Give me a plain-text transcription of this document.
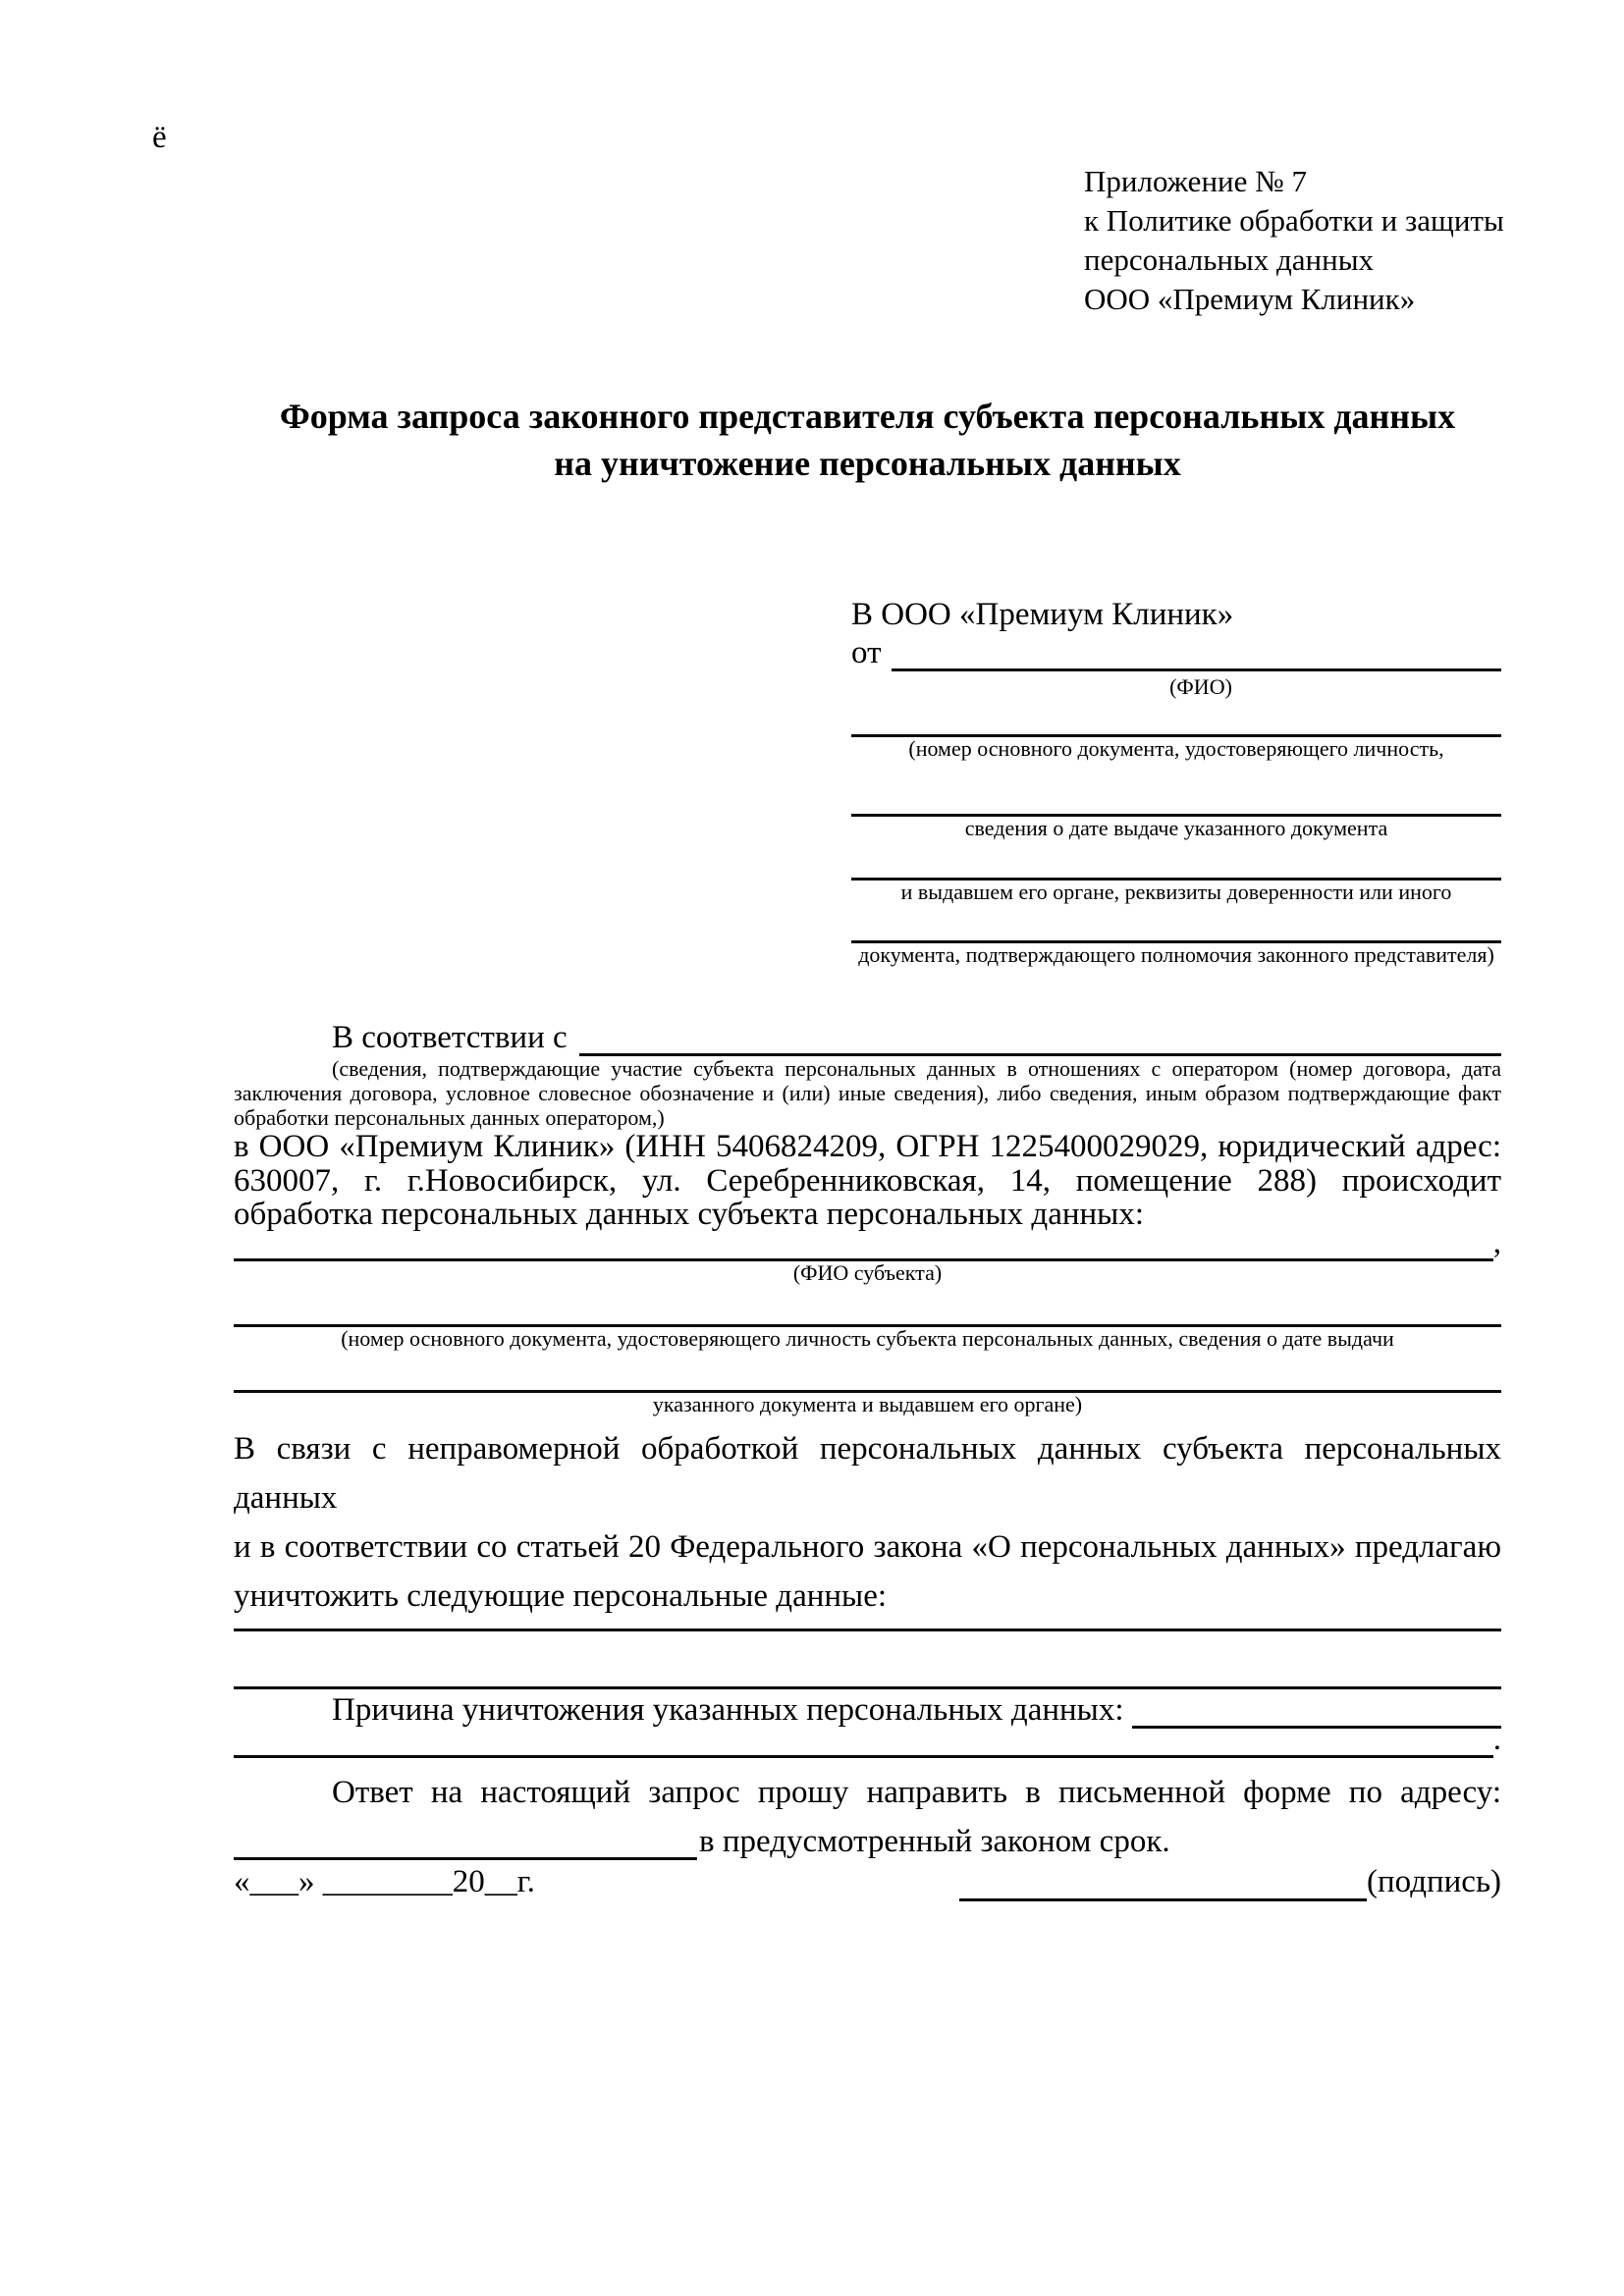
ё
Приложение № 7
к Политике обработки и защиты
персональных данных
ООО «Премиум Клиник»
Форма запроса законного представителя субъекта персональных данных
на уничтожение персональных данных
В ООО «Премиум Клиник»
от
(ФИО)
(номер основного документа, удостоверяющего личность,
сведения о дате выдаче указанного документа
и выдавшем его органе, реквизиты доверенности или иного
документа, подтверждающего полномочия законного представителя)
В соответствии с
(сведения, подтверждающие участие субъекта персональных данных в отношениях с оператором (номер договора, дата
заключения договора, условное словесное обозначение и (или) иные сведения), либо сведения, иным образом подтверждающие факт
обработки персональных данных оператором,)
в ООО «Премиум Клиник» (ИНН 5406824209, ОГРН 1225400029029, юридический адрес:
630007, г. г.Новосибирск, ул. Серебренниковская, 14, помещение 288) происходит
обработка персональных данных субъекта персональных данных:
,
(ФИО субъекта)
(номер основного документа, удостоверяющего личность субъекта персональных данных, сведения о дате выдачи
указанного документа и выдавшем его органе)
В связи с неправомерной обработкой персональных данных субъекта персональных данных
и в соответствии со статьей 20 Федерального закона «О персональных данных» предлагаю
уничтожить следующие персональные данные:
Причина уничтожения указанных персональных данных:
.
Ответ на настоящий запрос прошу направить в письменной форме по адресу:
в предусмотренный законом срок.
«___» ________20__г.	(подпись)
